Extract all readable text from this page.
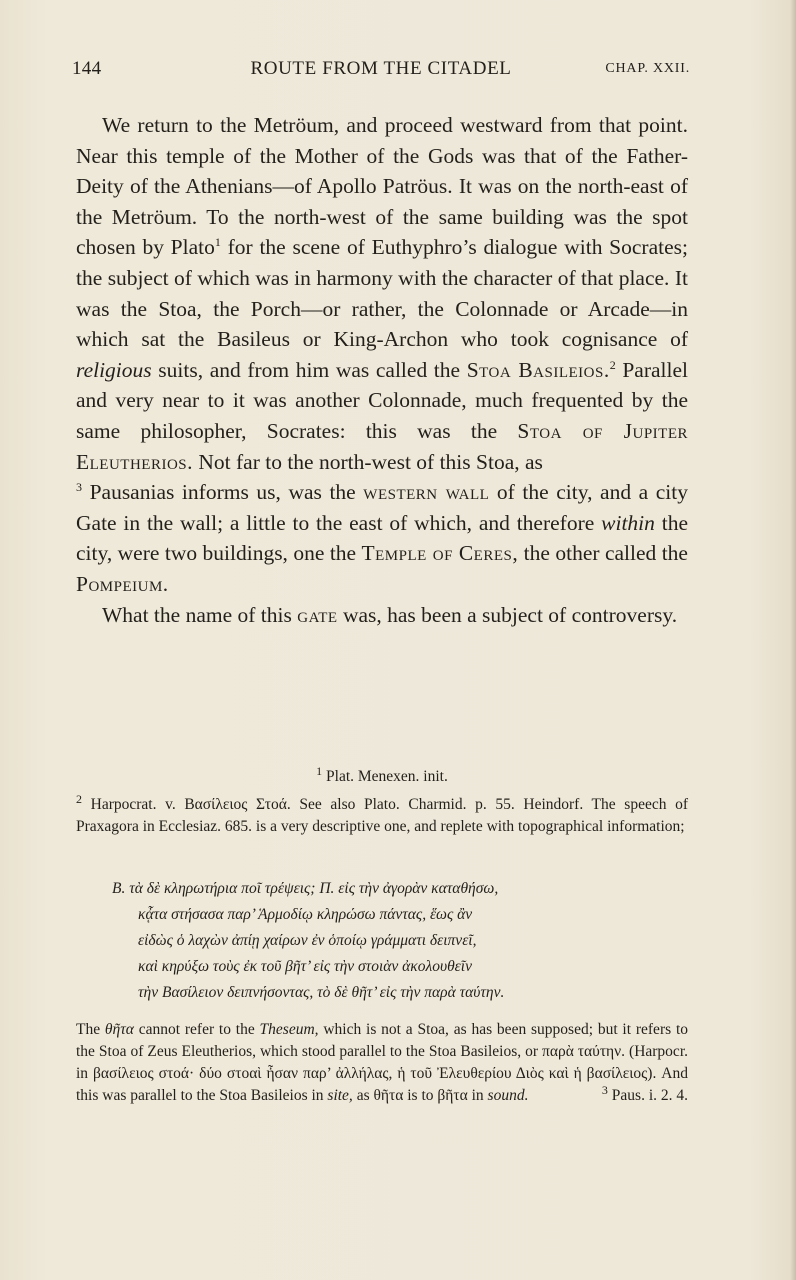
144	ROUTE FROM THE CITADEL	CHAP. XXII.

We return to the Metröum, and proceed westward from that point. Near this temple of the Mother of the Gods was that of the Father-Deity of the Athenians—of Apollo Patröus. It was on the north-east of the Metröum. To the north-west of the same building was the spot chosen by Plato$^1$ for the scene of Euthyphro’s dialogue with Socrates; the subject of which was in harmony with the character of that place. It was the Stoa, the Porch—or rather, the Colonnade or Arcade—in which sat the Basileus or King-Archon who took cognisance of religious suits, and from him was called the Stoa Basileios.$^2$ Parallel and very near to it was another Colonnade, much frequented by the same philosopher, Socrates: this was the Stoa of Jupiter Eleutherios. Not far to the north-west of this Stoa, as
$^3$ Pausanias informs us, was the western wall of the city, and a city Gate in the wall; a little to the east of which, and therefore within the city, were two buildings, one the Temple of Ceres, the other called the Pompeium.

What the name of this gate was, has been a subject of controversy.

$^1$ Plat. Menexen. init.

$^2$ Harpocrat. v. Βασίλειος Στοά. See also Plato. Charmid. p. 55. Heindorf. The speech of Praxagora in Ecclesiaz. 685. is a very descriptive one, and replete with topographical information;

B. τὰ δὲ κληρωτήρια ποῖ τρέψεις; Π. εἰς τὴν ἀγορὰν καταθήσω,

κᾆτα στήσασα παρ’ Ἁρμοδίῳ κληρώσω πάντας, ἕως ἂν

εἰδὼς ὁ λαχὼν ἀπίῃ χαίρων ἐν ὁποίῳ γράμματι δειπνεῖ,

καὶ κηρύξω τοὺς ἐκ τοῦ βῆτ’ εἰς τὴν στοιὰν ἀκολουθεῖν

τὴν Βασίλειον δειπνήσοντας, τὸ δὲ θῆτ’ εἰς τὴν παρὰ ταύτην.

The θῆτα cannot refer to the Theseum, which is not a Stoa, as has been supposed; but it refers to the Stoa of Zeus Eleutherios, which stood parallel to the Stoa Basileios, or παρὰ ταύτην. (Harpocr. in βασίλειος στοά· δύο στοαὶ ἦσαν παρ’ ἀλλήλας, ἡ τοῦ Ἐλευθερίου Διὸς καὶ ἡ βασίλειος). And this was parallel to the Stoa Basileios in site, as θῆτα is to βῆτα in sound.	$^3$ Paus. i. 2. 4.
